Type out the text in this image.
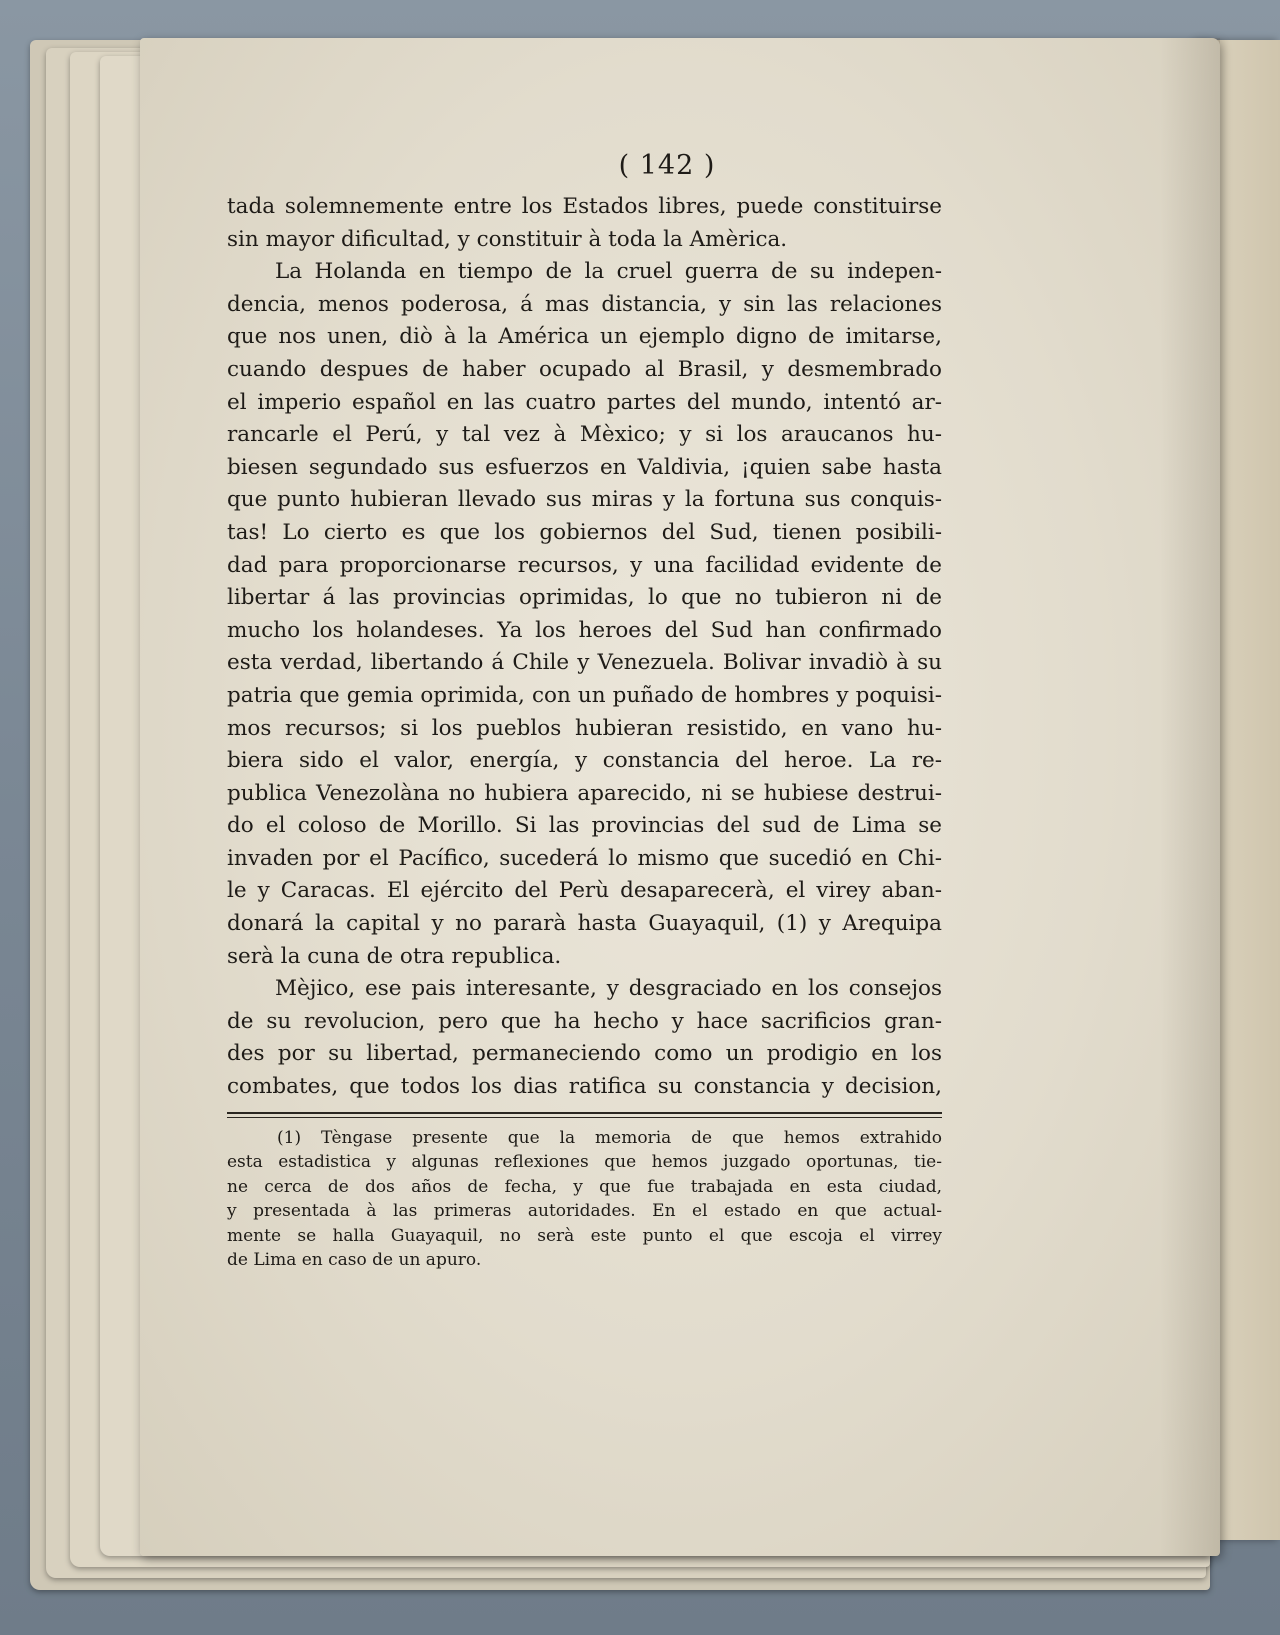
( 142 )

tada solemnemente entre los Estados libres, puede constituirse

sin mayor dificultad, y constituir à toda la Amèrica.

La Holanda en tiempo de la cruel guerra de su indepen-

dencia, menos poderosa, á mas distancia, y sin las relaciones

que nos unen, diò à la América un ejemplo digno de imitarse,

cuando despues de haber ocupado al Brasil, y desmembrado

el imperio español en las cuatro partes del mundo, intentó ar-

rancarle el Perú, y tal vez à Mèxico; y si los araucanos hu-

biesen segundado sus esfuerzos en Valdivia, ¡quien sabe hasta

que punto hubieran llevado sus miras y la fortuna sus conquis-

tas! Lo cierto es que los gobiernos del Sud, tienen posibili-

dad para proporcionarse recursos, y una facilidad evidente de

libertar á las provincias oprimidas, lo que no tubieron ni de

mucho los holandeses. Ya los heroes del Sud han confirmado

esta verdad, libertando á Chile y Venezuela. Bolivar invadiò à su

patria que gemia oprimida, con un puñado de hombres y poquisi-

mos recursos; si los pueblos hubieran resistido, en vano hu-

biera sido el valor, energía, y constancia del heroe. La re-

publica Venezolàna no hubiera aparecido, ni se hubiese destrui-

do el coloso de Morillo. Si las provincias del sud de Lima se

invaden por el Pacífico, sucederá lo mismo que sucedió en Chi-

le y Caracas. El ejército del Perù desaparecerà, el virey aban-

donará la capital y no pararà hasta Guayaquil, (1) y Arequipa

serà la cuna de otra republica.

Mèjico, ese pais interesante, y desgraciado en los consejos

de su revolucion, pero que ha hecho y hace sacrificios gran-

des por su libertad, permaneciendo como un prodigio en los

combates, que todos los dias ratifica su constancia y decision,

(1) Tèngase presente que la memoria de que hemos extrahido

esta estadistica y algunas reflexiones que hemos juzgado oportunas, tie-

ne cerca de dos años de fecha, y que fue trabajada en esta ciudad,

y presentada à las primeras autoridades. En el estado en que actual-

mente se halla Guayaquil, no serà este punto el que escoja el virrey

de Lima en caso de un apuro.
